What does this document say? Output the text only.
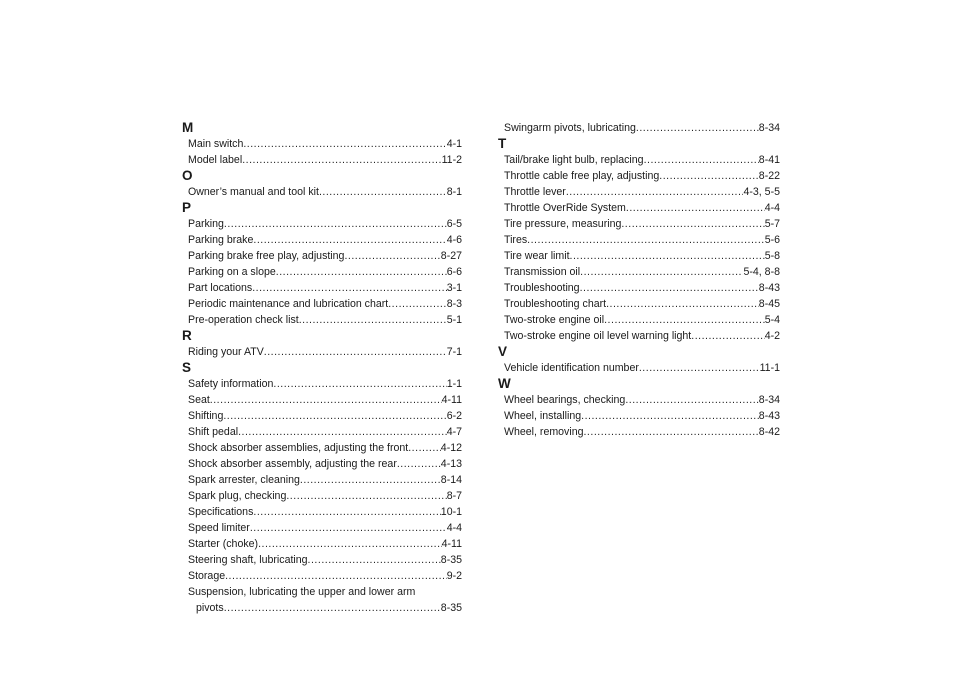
M
Main switch .....	4-1
Model label .....	11-2
O
Owner’s manual and tool kit .....	8-1
P
Parking .....	6-5
Parking brake .....	4-6
Parking brake free play, adjusting .....	8-27
Parking on a slope .....	6-6
Part locations .....	3-1
Periodic maintenance and lubrication chart .....	8-3
Pre-operation check list .....	5-1
R
Riding your ATV .....	7-1
S
Safety information .....	1-1
Seat .....	4-11
Shifting .....	6-2
Shift pedal .....	4-7
Shock absorber assemblies, adjusting the front .....	4-12
Shock absorber assembly, adjusting the rear .....	4-13
Spark arrester, cleaning .....	8-14
Spark plug, checking .....	8-7
Specifications .....	10-1
Speed limiter .....	4-4
Starter (choke) .....	4-11
Steering shaft, lubricating .....	8-35
Storage .....	9-2
Suspension, lubricating the upper and lower arm
pivots .....	8-35
Swingarm pivots, lubricating .....	8-34
T
Tail/brake light bulb, replacing .....	8-41
Throttle cable free play, adjusting .....	8-22
Throttle lever .....	4-3, 5-5
Throttle OverRide System .....	4-4
Tire pressure, measuring .....	5-7
Tires .....	5-6
Tire wear limit .....	5-8
Transmission oil .....	5-4, 8-8
Troubleshooting .....	8-43
Troubleshooting chart .....	8-45
Two-stroke engine oil .....	5-4
Two-stroke engine oil level warning light .....	4-2
V
Vehicle identification number .....	11-1
W
Wheel bearings, checking .....	8-34
Wheel, installing .....	8-43
Wheel, removing .....	8-42
